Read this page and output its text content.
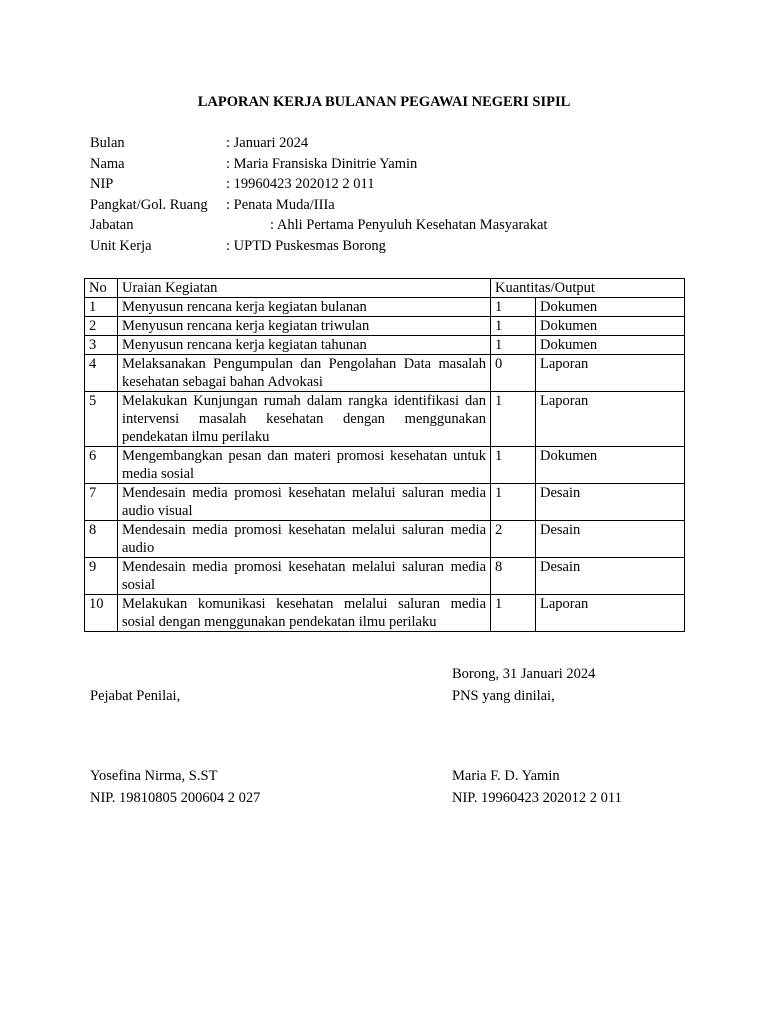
LAPORAN KERJA BULANAN PEGAWAI NEGERI SIPIL
Bulan	: Januari 2024
Nama	: Maria Fransiska Dinitrie Yamin
NIP	: 19960423 202012 2 011
Pangkat/Gol. Ruang : Penata Muda/IIIa
Jabatan	: Ahli Pertama Penyuluh Kesehatan Masyarakat
Unit Kerja	: UPTD Puskesmas Borong
No	Uraian Kegiatan	Kuantitas/Output	
1	Menyusun rencana kerja kegiatan bulanan	1	Dokumen
2	Menyusun rencana kerja kegiatan triwulan	1	Dokumen
3	Menyusun rencana kerja kegiatan tahunan	1	Dokumen
4	Melaksanakan Pengumpulan dan Pengolahan Data masalah kesehatan sebagai bahan Advokasi	0	Laporan
5	Melakukan Kunjungan rumah dalam rangka identifikasi dan intervensi masalah kesehatan dengan menggunakan pendekatan ilmu perilaku	1	Laporan
6	Mengembangkan pesan dan materi promosi kesehatan untuk media sosial	1	Dokumen
7	Mendesain media promosi kesehatan melalui saluran media audio visual	1	Desain
8	Mendesain media promosi kesehatan melalui saluran media audio	2	Desain
9	Mendesain media promosi kesehatan melalui saluran media sosial	8	Desain
10	Melakukan komunikasi kesehatan melalui saluran media sosial dengan menggunakan pendekatan ilmu perilaku	1	Laporan
Borong, 31 Januari 2024
Pejabat Penilai,	PNS yang dinilai,
Yosefina Nirma, S.ST
NIP. 19810805 200604 2 027
Maria F. D. Yamin
NIP. 19960423 202012 2 011
